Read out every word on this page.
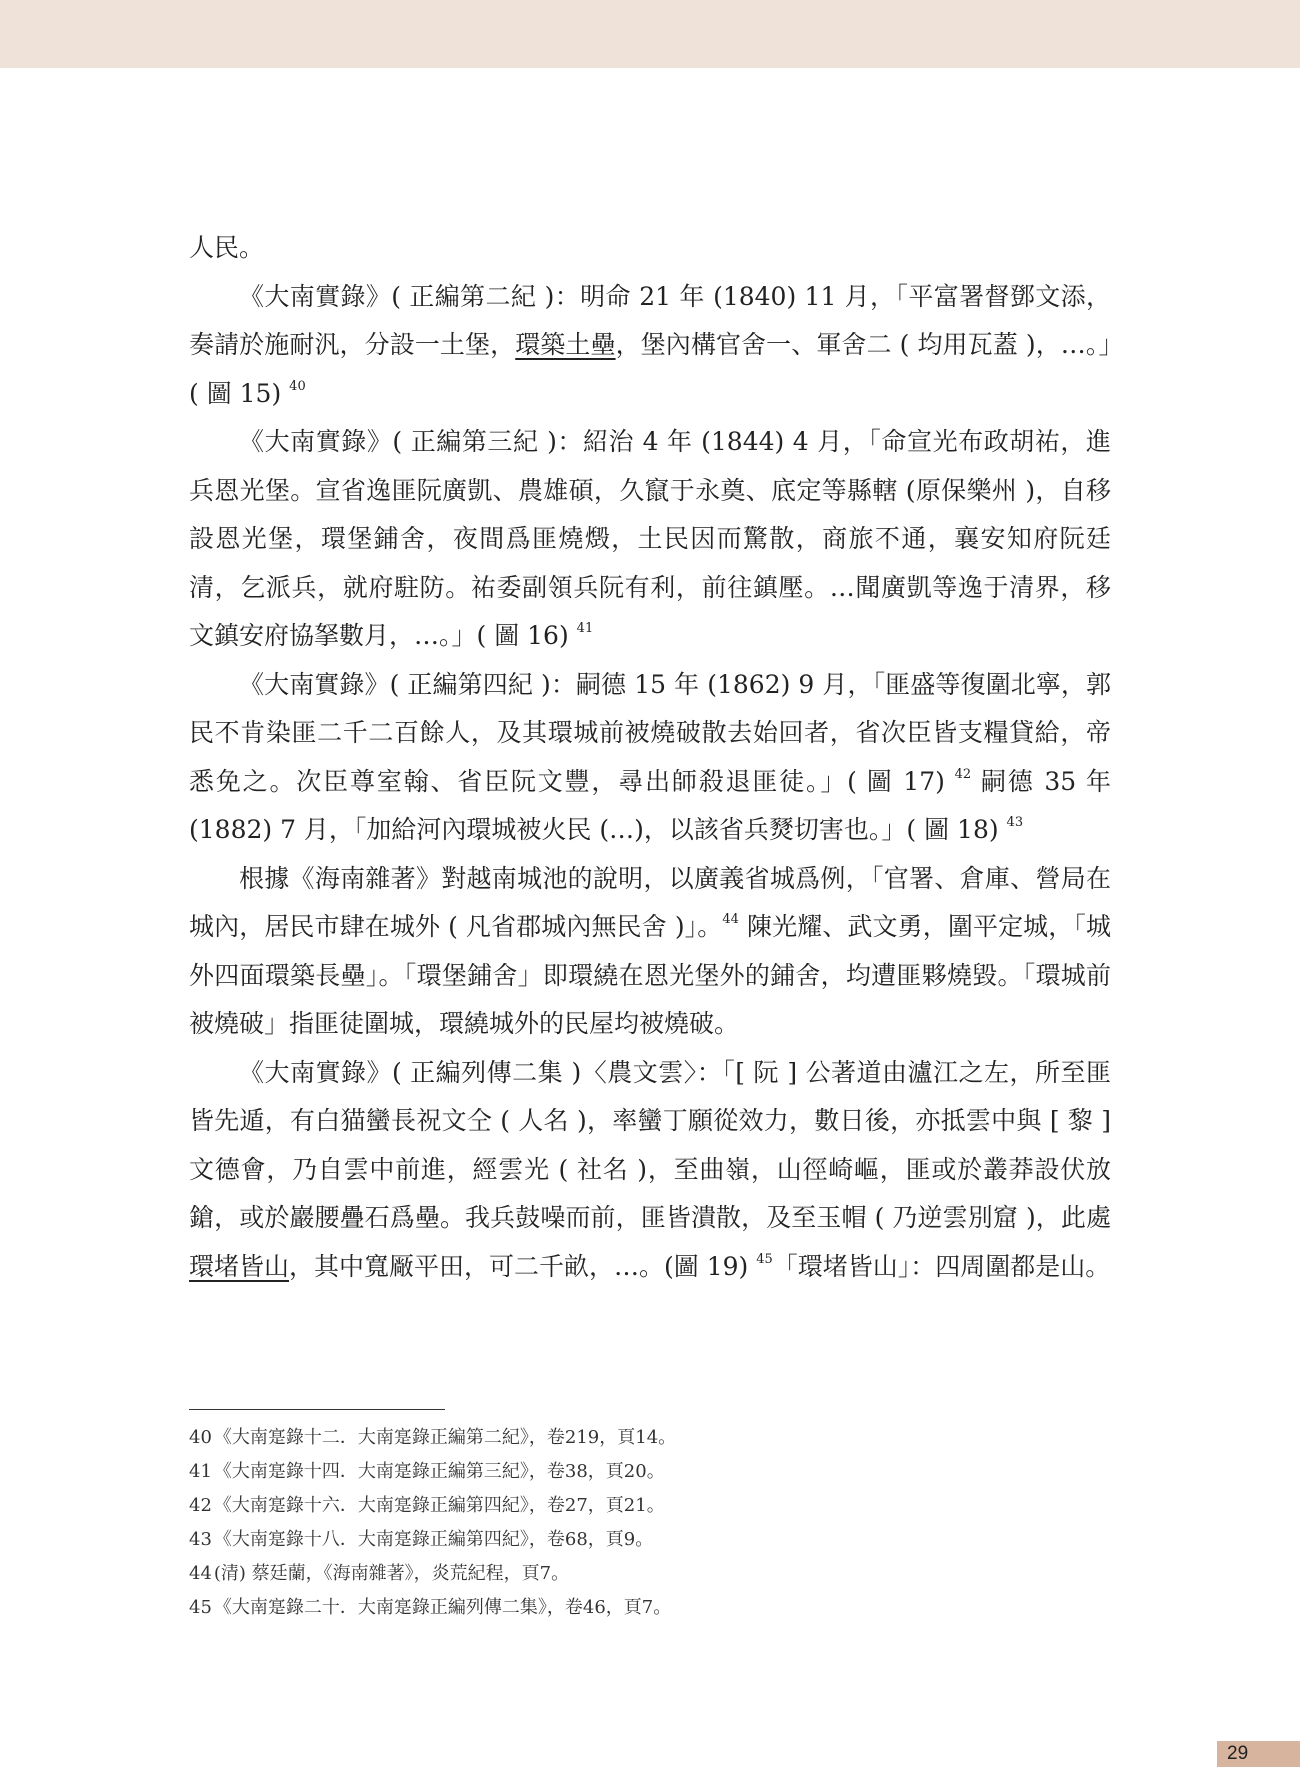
人民。

《大南實錄》( 正編第二紀 )：明命 21 年 (1840) 11 月，「平富署督鄧文添，奏請於施耐汎，分設一土堡，環築土壘，堡內構官舍一、軍舍二 ( 均用瓦蓋 )，…。」( 圖 15) $^{40}$

《大南實錄》( 正編第三紀 )：紹治 4 年 (1844) 4 月，「命宣光布政胡祐，進兵恩光堡。宣省逸匪阮廣凱、農雄碩，久竄于永奠、底定等縣轄 (原保樂州 )，自移設恩光堡，環堡鋪舍，夜間爲匪燒燬，土民因而驚散，商旅不通，襄安知府阮廷清，乞派兵，就府駐防。祐委副領兵阮有利，前往鎮壓。…聞廣凱等逸于清界，移文鎮安府協拏數月，…。」( 圖 16) $^{41}$

《大南實錄》( 正編第四紀 )：嗣德 15 年 (1862) 9 月，「匪盛等復圍北寧，郭民不肯染匪二千二百餘人，及其環城前被燒破散去始回者，省次臣皆支糧貸給，帝悉免之。次臣尊室翰、省臣阮文豐，尋出師殺退匪徒。」( 圖 17) $^{42}$ 嗣德 35 年 (1882) 7 月，「加給河內環城被火民 (…)，以該省兵燹切害也。」( 圖 18) $^{43}$

根據《海南雜著》對越南城池的說明，以廣義省城爲例，「官署、倉庫、營局在城內，居民市肆在城外 ( 凡省郡城內無民舍 )」。$^{44}$ 陳光耀、武文勇，圍平定城，「城外四面環築長壘」。「環堡鋪舍」即環繞在恩光堡外的鋪舍，均遭匪夥燒毀。「環城前被燒破」指匪徒圍城，環繞城外的民屋均被燒破。

《大南實錄》( 正編列傳二集 )〈農文雲〉：「[ 阮 ] 公著道由瀘江之左，所至匪皆先遁，有白猫蠻長祝文仝 ( 人名 )，率蠻丁願從效力，數日後，亦抵雲中與 [ 黎 ] 文德會，乃自雲中前進，經雲光 ( 社名 )，至曲嶺，山徑崎嶇，匪或於叢莽設伏放鎗，或於巖腰疊石爲壘。我兵鼓噪而前，匪皆潰散，及至玉帽 ( 乃逆雲別窟 )，此處環堵皆山，其中寬厰平田，可二千畝，…。(圖 19) $^{45}$「環堵皆山」：四周圍都是山。

40 《大南寔錄十二．大南寔錄正編第二紀》，卷219，頁14。
41 《大南寔錄十四．大南寔錄正編第三紀》，卷38，頁20。
42 《大南寔錄十六．大南寔錄正編第四紀》，卷27，頁21。
43 《大南寔錄十八．大南寔錄正編第四紀》，卷68，頁9。
44 (清) 蔡廷蘭，《海南雜著》，炎荒紀程，頁7。
45 《大南寔錄二十．大南寔錄正編列傳二集》，卷46，頁7。
29
